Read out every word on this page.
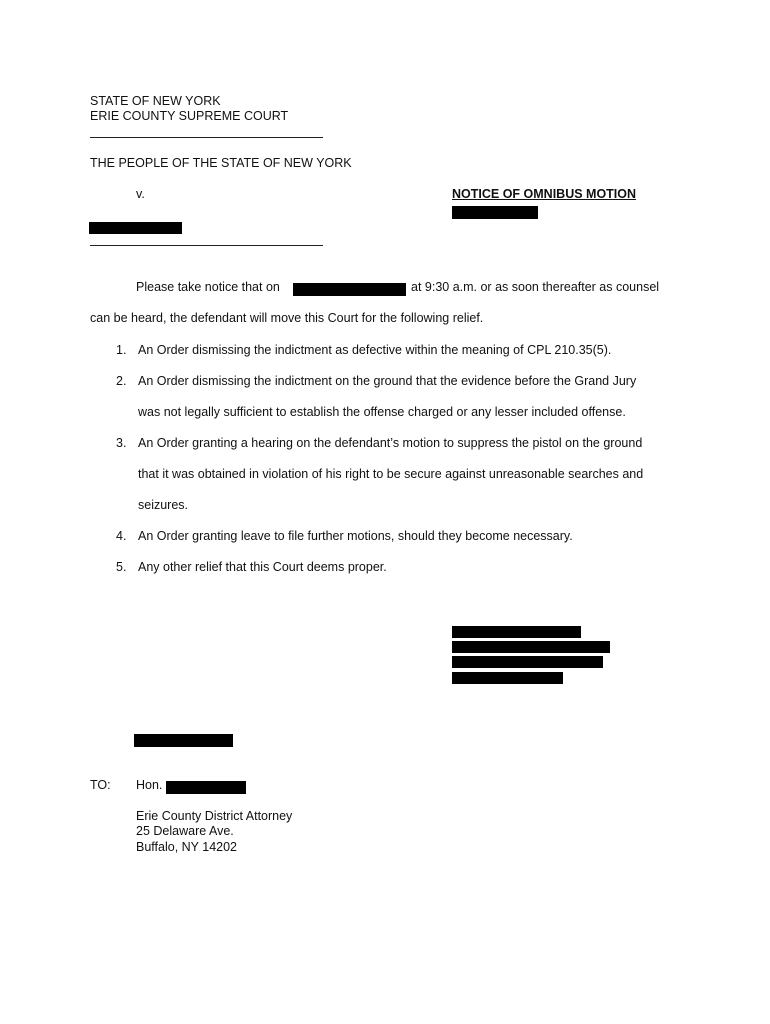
STATE OF NEW YORK
ERIE COUNTY SUPREME COURT
THE PEOPLE OF THE STATE OF NEW YORK
v.	NOTICE OF OMNIBUS MOTION
Please take notice that on	at 9:30 a.m. or as soon thereafter as counsel
can be heard, the defendant will move this Court for the following relief.
1. An Order dismissing the indictment as defective within the meaning of CPL 210.35(5).
2. An Order dismissing the indictment on the ground that the evidence before the Grand Jury
was not legally sufficient to establish the offense charged or any lesser included offense.
3. An Order granting a hearing on the defendant’s motion to suppress the pistol on the ground
that it was obtained in violation of his right to be secure against unreasonable searches and
seizures.
4. An Order granting leave to file further motions, should they become necessary.
5. Any other relief that this Court deems proper.
TO: Hon.
Erie County District Attorney
25 Delaware Ave.
Buffalo, NY 14202
